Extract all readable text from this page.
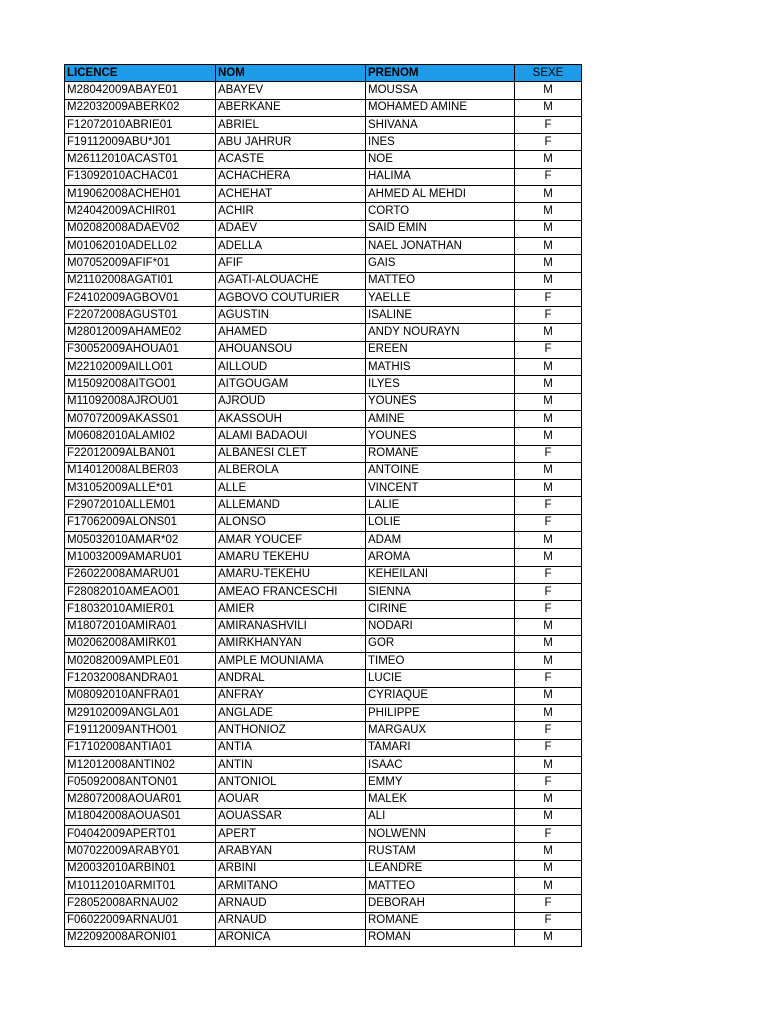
LICENCE	NOM	PRENOM	SEXE
M28042009ABAYE01	ABAYEV	MOUSSA	M
M22032009ABERK02	ABERKANE	MOHAMED AMINE	M
F12072010ABRIE01	ABRIEL	SHIVANA	F
F19112009ABU*J01	ABU JAHRUR	INES	F
M26112010ACAST01	ACASTE	NOE	M
F13092010ACHAC01	ACHACHERA	HALIMA	F
M19062008ACHEH01	ACHEHAT	AHMED AL MEHDI	M
M24042009ACHIR01	ACHIR	CORTO	M
M02082008ADAEV02	ADAEV	SAID EMIN	M
M01062010ADELL02	ADELLA	NAEL JONATHAN	M
M07052009AFIF*01	AFIF	GAIS	M
M21102008AGATI01	AGATI-ALOUACHE	MATTEO	M
F24102009AGBOV01	AGBOVO COUTURIER	YAELLE	F
F22072008AGUST01	AGUSTIN	ISALINE	F
M28012009AHAME02	AHAMED	ANDY NOURAYN	M
F30052009AHOUA01	AHOUANSOU	EREEN	F
M22102009AILLO01	AILLOUD	MATHIS	M
M15092008AITGO01	AITGOUGAM	ILYES	M
M11092008AJROU01	AJROUD	YOUNES	M
M07072009AKASS01	AKASSOUH	AMINE	M
M06082010ALAMI02	ALAMI BADAOUI	YOUNES	M
F22012009ALBAN01	ALBANESI CLET	ROMANE	F
M14012008ALBER03	ALBEROLA	ANTOINE	M
M31052009ALLE*01	ALLE	VINCENT	M
F29072010ALLEM01	ALLEMAND	LALIE	F
F17062009ALONS01	ALONSO	LOLIE	F
M05032010AMAR*02	AMAR YOUCEF	ADAM	M
M10032009AMARU01	AMARU TEKEHU	AROMA	M
F26022008AMARU01	AMARU-TEKEHU	KEHEILANI	F
F28082010AMEAO01	AMEAO FRANCESCHI	SIENNA	F
F18032010AMIER01	AMIER	CIRINE	F
M18072010AMIRA01	AMIRANASHVILI	NODARI	M
M02062008AMIRK01	AMIRKHANYAN	GOR	M
M02082009AMPLE01	AMPLE MOUNIAMA	TIMEO	M
F12032008ANDRA01	ANDRAL	LUCIE	F
M08092010ANFRA01	ANFRAY	CYRIAQUE	M
M29102009ANGLA01	ANGLADE	PHILIPPE	M
F19112009ANTHO01	ANTHONIOZ	MARGAUX	F
F17102008ANTIA01	ANTIA	TAMARI	F
M12012008ANTIN02	ANTIN	ISAAC	M
F05092008ANTON01	ANTONIOL	EMMY	F
M28072008AOUAR01	AOUAR	MALEK	M
M18042008AOUAS01	AOUASSAR	ALI	M
F04042009APERT01	APERT	NOLWENN	F
M07022009ARABY01	ARABYAN	RUSTAM	M
M20032010ARBIN01	ARBINI	LEANDRE	M
M10112010ARMIT01	ARMITANO	MATTEO	M
F28052008ARNAU02	ARNAUD	DEBORAH	F
F06022009ARNAU01	ARNAUD	ROMANE	F
M22092008ARONI01	ARONICA	ROMAN	M
